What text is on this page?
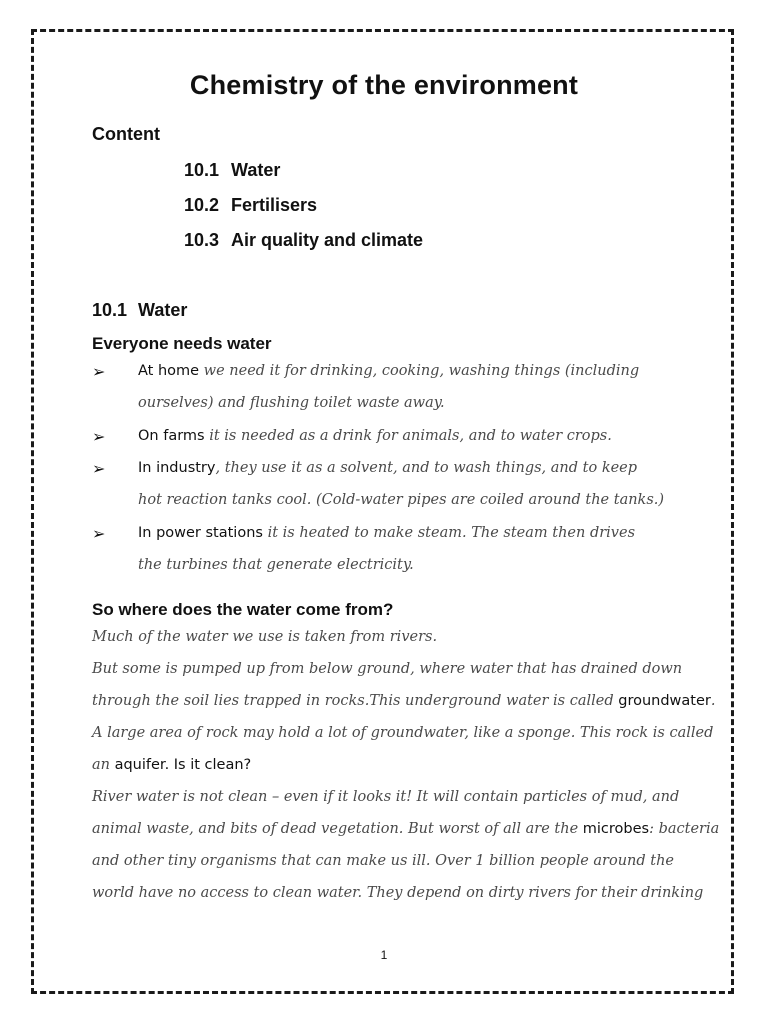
Chemistry of the environment
Content
10.1 Water
10.2 Fertilisers
10.3 Air quality and climate
10.1 Water
Everyone needs water
➢ At home we need it for drinking, cooking, washing things (including
ourselves) and flushing toilet waste away.
➢ On farms it is needed as a drink for animals, and to water crops.
➢ In industry, they use it as a solvent, and to wash things, and to keep
hot reaction tanks cool. (Cold-water pipes are coiled around the tanks.)
➢ In power stations it is heated to make steam. The steam then drives
the turbines that generate electricity.
So where does the water come from?
Much of the water we use is taken from rivers.
But some is pumped up from below ground, where water that has drained down
through the soil lies trapped in rocks.This underground water is called groundwater.
A large area of rock may hold a lot of groundwater, like a sponge. This rock is called
an aquifer. Is it clean?
River water is not clean – even if it looks it! It will contain particles of mud, and
animal waste, and bits of dead vegetation. But worst of all are the microbes: bacteria
and other tiny organisms that can make us ill. Over 1 billion people around the
world have no access to clean water. They depend on dirty rivers for their drinking
1
